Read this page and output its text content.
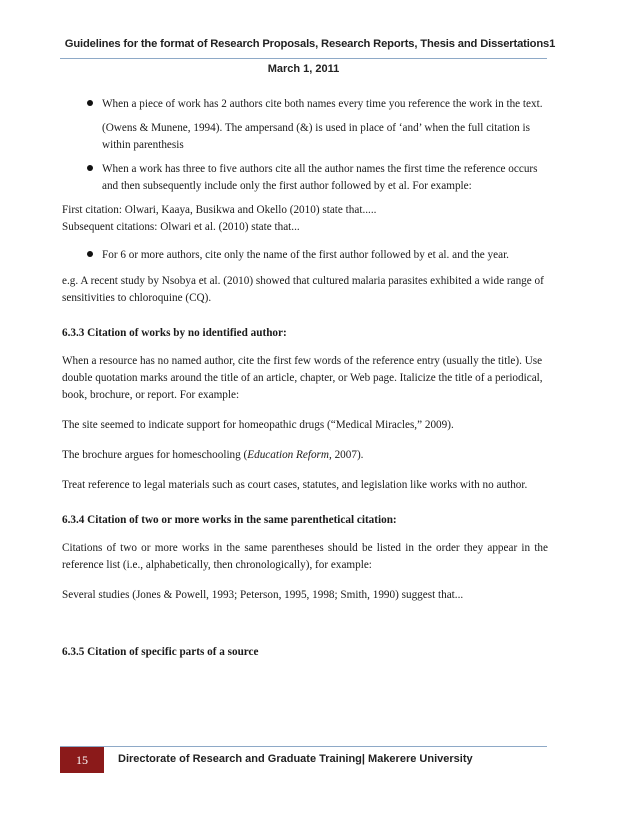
Guidelines for the format of Research Proposals, Research Reports, Thesis and Dissertations1
March 1, 2011

When a piece of work has 2 authors cite both names every time you reference the work in the text.

(Owens & Munene, 1994). The ampersand (&) is used in place of ‘and’ when the full citation is within parenthesis

When a work has three to five authors cite all the author names the first time the reference occurs and then subsequently include only the first author followed by et al. For example:

First citation: Olwari, Kaaya, Busikwa and Okello (2010) state that.....
Subsequent citations: Olwari et al. (2010) state that...

For 6 or more authors, cite only the name of the first author followed by et al. and the year.

e.g. A recent study by Nsobya et al. (2010) showed that cultured malaria parasites exhibited a wide range of sensitivities to chloroquine (CQ).

6.3.3 Citation of works by no identified author:

When a resource has no named author, cite the first few words of the reference entry (usually the title). Use double quotation marks around the title of an article, chapter, or Web page. Italicize the title of a periodical, book, brochure, or report. For example:

The site seemed to indicate support for homeopathic drugs (“Medical Miracles,” 2009).

The brochure argues for homeschooling (Education Reform, 2007).

Treat reference to legal materials such as court cases, statutes, and legislation like works with no author.

6.3.4 Citation of two or more works in the same parenthetical citation:

Citations of two or more works in the same parentheses should be listed in the order they appear in the reference list (i.e., alphabetically, then chronologically), for example:

Several studies (Jones & Powell, 1993; Peterson, 1995, 1998; Smith, 1990) suggest that...

6.3.5 Citation of specific parts of a source

15	Directorate of Research and Graduate Training| Makerere University
